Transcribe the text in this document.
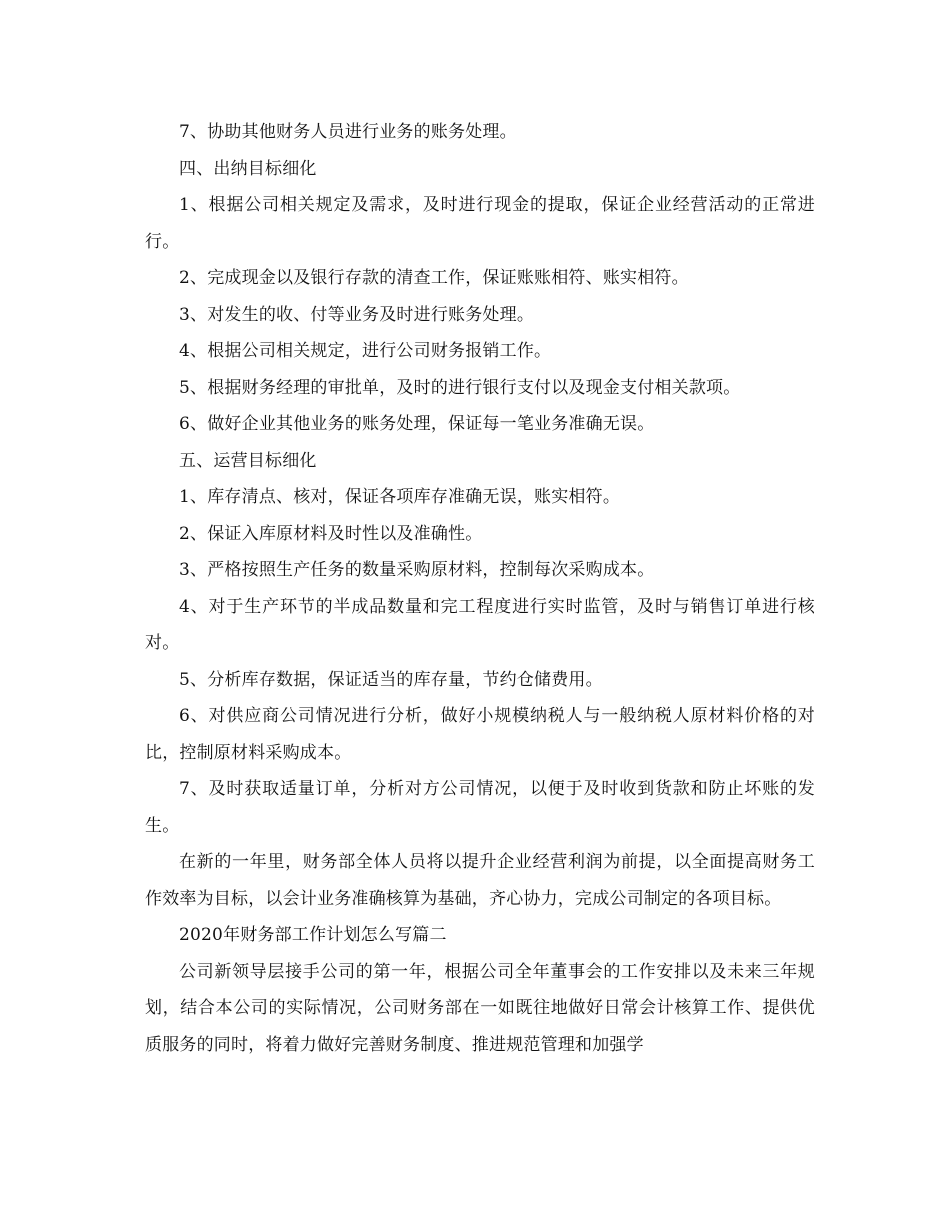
7、协助其他财务人员进行业务的账务处理。

四、出纳目标细化

1、根据公司相关规定及需求，及时进行现金的提取，保证企业经营活动的正常进行。

2、完成现金以及银行存款的清查工作，保证账账相符、账实相符。

3、对发生的收、付等业务及时进行账务处理。

4、根据公司相关规定，进行公司财务报销工作。

5、根据财务经理的审批单，及时的进行银行支付以及现金支付相关款项。

6、做好企业其他业务的账务处理，保证每一笔业务准确无误。

五、运营目标细化

1、库存清点、核对，保证各项库存准确无误，账实相符。

2、保证入库原材料及时性以及准确性。

3、严格按照生产任务的数量采购原材料，控制每次采购成本。

4、对于生产环节的半成品数量和完工程度进行实时监管，及时与销售订单进行核对。

5、分析库存数据，保证适当的库存量，节约仓储费用。

6、对供应商公司情况进行分析，做好小规模纳税人与一般纳税人原材料价格的对比，控制原材料采购成本。

7、及时获取适量订单，分析对方公司情况，以便于及时收到货款和防止坏账的发生。

在新的一年里，财务部全体人员将以提升企业经营利润为前提，以全面提高财务工作效率为目标，以会计业务准确核算为基础，齐心协力，完成公司制定的各项目标。

2020年财务部工作计划怎么写篇二

公司新领导层接手公司的第一年，根据公司全年董事会的工作安排以及未来三年规划，结合本公司的实际情况，公司财务部在一如既往地做好日常会计核算工作、提供优质服务的同时，将着力做好完善财务制度、推进规范管理和加强学
